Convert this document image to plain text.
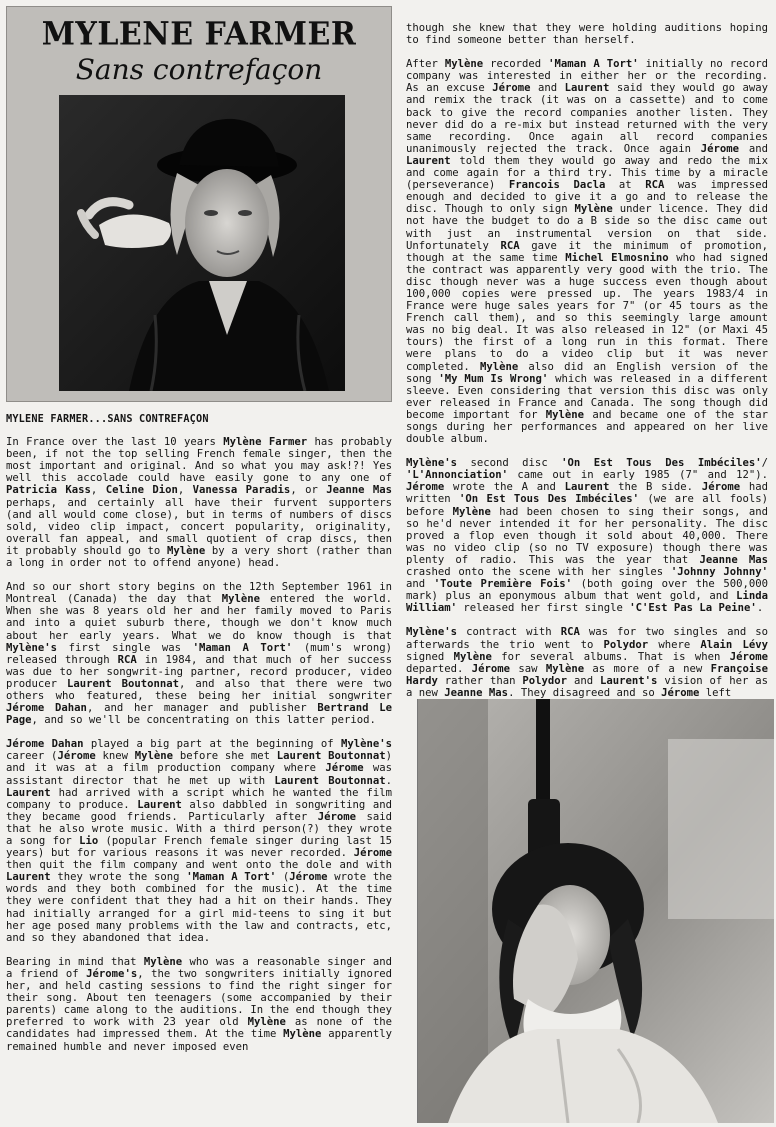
MYLENE FARMER
Sans contrefaçon
MYLENE FARMER...SANS CONTREFAÇON

In France over the last 10 years Mylène Farmer has probably been, if not the top selling French female singer, then the most important and original. And so what you may ask!?! Yes well this accolade could have easily gone to any one of Patricia Kass, Celine Dion, Vanessa Paradis, or Jeanne Mas perhaps, and certainly all have their furvent supporters (and all would come close), but in terms of numbers of discs sold, video clip impact, concert popularity, originality, overall fan appeal, and small quotient of crap discs, then it probably should go to Mylène by a very short (rather than a long in order not to offend anyone) head.

And so our short story begins on the 12th September 1961 in Montreal (Canada) the day that Mylène entered the world. When she was 8 years old her and her family moved to Paris and into a quiet suburb there, though we don't know much about her early years. What we do know though is that Mylène's first single was 'Maman A Tort' (mum's wrong) released through RCA in 1984, and that much of her success was due to her songwrit-ing partner, record producer, video producer Laurent Boutonnat, and also that there were two others who featured, these being her initial songwriter Jérome Dahan, and her manager and publisher Bertrand Le Page, and so we'll be concentrating on this latter period.

Jérome Dahan played a big part at the beginning of Mylène's career (Jérome knew Mylène before she met Laurent Boutonnat) and it was at a film production company where Jérome was assistant director that he met up with Laurent Boutonnat. Laurent had arrived with a script which he wanted the film company to produce. Laurent also dabbled in songwriting and they became good friends. Particularly after Jérome said that he also wrote music. With a third person(?) they wrote a song for Lio (popular French female singer during last 15 years) but for various reasons it was never recorded. Jérome then quit the film company and went onto the dole and with Laurent they wrote the song 'Maman A Tort' (Jérome wrote the words and they both combined for the music). At the time they were confident that they had a hit on their hands. They had initially arranged for a girl mid-teens to sing it but her age posed many problems with the law and contracts, etc, and so they abandoned that idea.

Bearing in mind that Mylène who was a reasonable singer and a friend of Jérome's, the two songwriters initially ignored her, and held casting sessions to find the right singer for their song. About ten teenagers (some accompanied by their parents) came along to the auditions. In the end though they preferred to work with 23 year old Mylène as none of the candidates had impressed them. At the time Mylène apparently remained humble and never imposed even

though she knew that they were holding auditions hoping to find someone better than herself.

After Mylène recorded 'Maman A Tort' initially no record company was interested in either her or the recording. As an excuse Jérome and Laurent said they would go away and remix the track (it was on a cassette) and to come back to give the record companies another listen. They never did do a re-mix but instead returned with the very same recording. Once again all record companies unanimously rejected the track. Once again Jérome and Laurent told them they would go away and redo the mix and come again for a third try. This time by a miracle (perseverance) Francois Dacla at RCA was impressed enough and decided to give it a go and to release the disc. Though to only sign Mylène under licence. They did not have the budget to do a B side so the disc came out with just an instrumental version on that side. Unfortunately RCA gave it the minimum of promotion, though at the same time Michel Elmosnino who had signed the contract was apparently very good with the trio. The disc though never was a huge success even though about 100,000 copies were pressed up. The years 1983/4 in France were huge sales years for 7" (or 45 tours as the French call them), and so this seemingly large amount was no big deal. It was also released in 12" (or Maxi 45 tours) the first of a long run in this format. There were plans to do a video clip but it was never completed. Mylène also did an English version of the song 'My Mum Is Wrong' which was released in a different sleeve. Even considering that version this disc was only ever released in France and Canada. The song though did become important for Mylène and became one of the star songs during her performances and appeared on her live double album.

Mylène's second disc 'On Est Tous Des Imbéciles'/ 'L'Annonciation' came out in early 1985 (7" and 12"). Jérome wrote the A and Laurent the B side. Jérome had written 'On Est Tous Des Imbéciles' (we are all fools) before Mylène had been chosen to sing their songs, and so he'd never intended it for her personality. The disc proved a flop even though it sold about 40,000. There was no video clip (so no TV exposure) though there was plenty of radio. This was the year that Jeanne Mas crashed onto the scene with her singles 'Johnny Johnny' and 'Toute Première Fois' (both going over the 500,000 mark) plus an eponymous album that went gold, and Linda William' released her first single 'C'Est Pas La Peine'.

Mylène's contract with RCA was for two singles and so afterwards the trio went to Polydor where Alain Lévy signed Mylène for several albums. That is when Jérome departed. Jérome saw Mylène as more of a new Françoise Hardy rather than Polydor and Laurent's vision of her as a new Jeanne Mas. They disagreed and so Jérome left
